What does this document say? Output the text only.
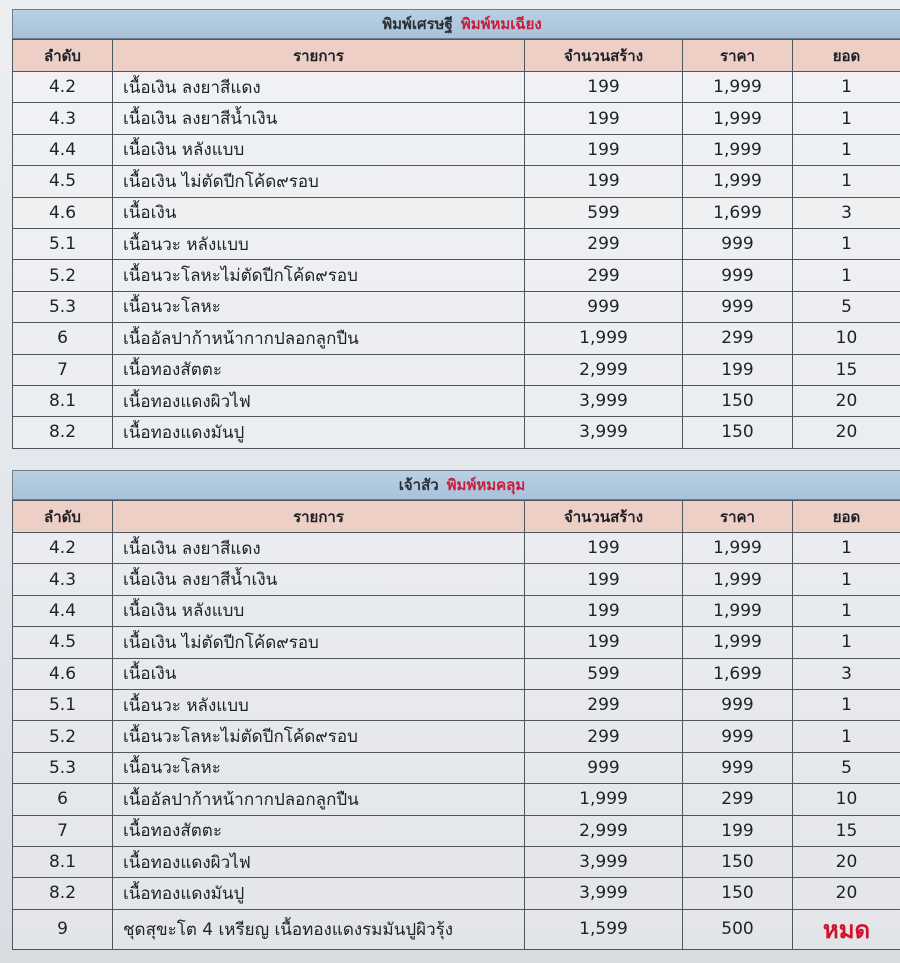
พิมพ์เศรษฐี พิมพ์หมเฉียง
ลำดับ	รายการ	จำนวนสร้าง	ราคา	ยอด	
4.2	เนื้อเงิน ลงยาสีแดง	199	1,999	1	
4.3	เนื้อเงิน ลงยาสีน้ำเงิน	199	1,999	1	
4.4	เนื้อเงิน หลังแบบ	199	1,999	1	
4.5	เนื้อเงิน ไม่ตัดปีกโค้ด๙รอบ	199	1,999	1	
4.6	เนื้อเงิน	599	1,699	3	
5.1	เนื้อนวะ หลังแบบ	299	999	1	
5.2	เนื้อนวะโลหะไม่ตัดปีกโค้ด๙รอบ	299	999	1	
5.3	เนื้อนวะโลหะ	999	999	5	
6	เนื้ออัลปาก้าหน้ากากปลอกลูกปืน	1,999	299	10	
7	เนื้อทองสัตตะ	2,999	199	15	
8.1	เนื้อทองแดงผิวไฟ	3,999	150	20	
8.2	เนื้อทองแดงมันปู	3,999	150	20	
เจ้าสัว พิมพ์หมคลุม
ลำดับ	รายการ	จำนวนสร้าง	ราคา	ยอด	
4.2	เนื้อเงิน ลงยาสีแดง	199	1,999	1	
4.3	เนื้อเงิน ลงยาสีน้ำเงิน	199	1,999	1	
4.4	เนื้อเงิน หลังแบบ	199	1,999	1	
4.5	เนื้อเงิน ไม่ตัดปีกโค้ด๙รอบ	199	1,999	1	
4.6	เนื้อเงิน	599	1,699	3	
5.1	เนื้อนวะ หลังแบบ	299	999	1	
5.2	เนื้อนวะโลหะไม่ตัดปีกโค้ด๙รอบ	299	999	1	
5.3	เนื้อนวะโลหะ	999	999	5	
6	เนื้ออัลปาก้าหน้ากากปลอกลูกปืน	1,999	299	10	
7	เนื้อทองสัตตะ	2,999	199	15	
8.1	เนื้อทองแดงผิวไฟ	3,999	150	20	
8.2	เนื้อทองแดงมันปู	3,999	150	20	
9	ชุดสุขะโต 4 เหรียญ เนื้อทองแดงรมมันปูผิวรุ้ง	1,599	500	หมด	
